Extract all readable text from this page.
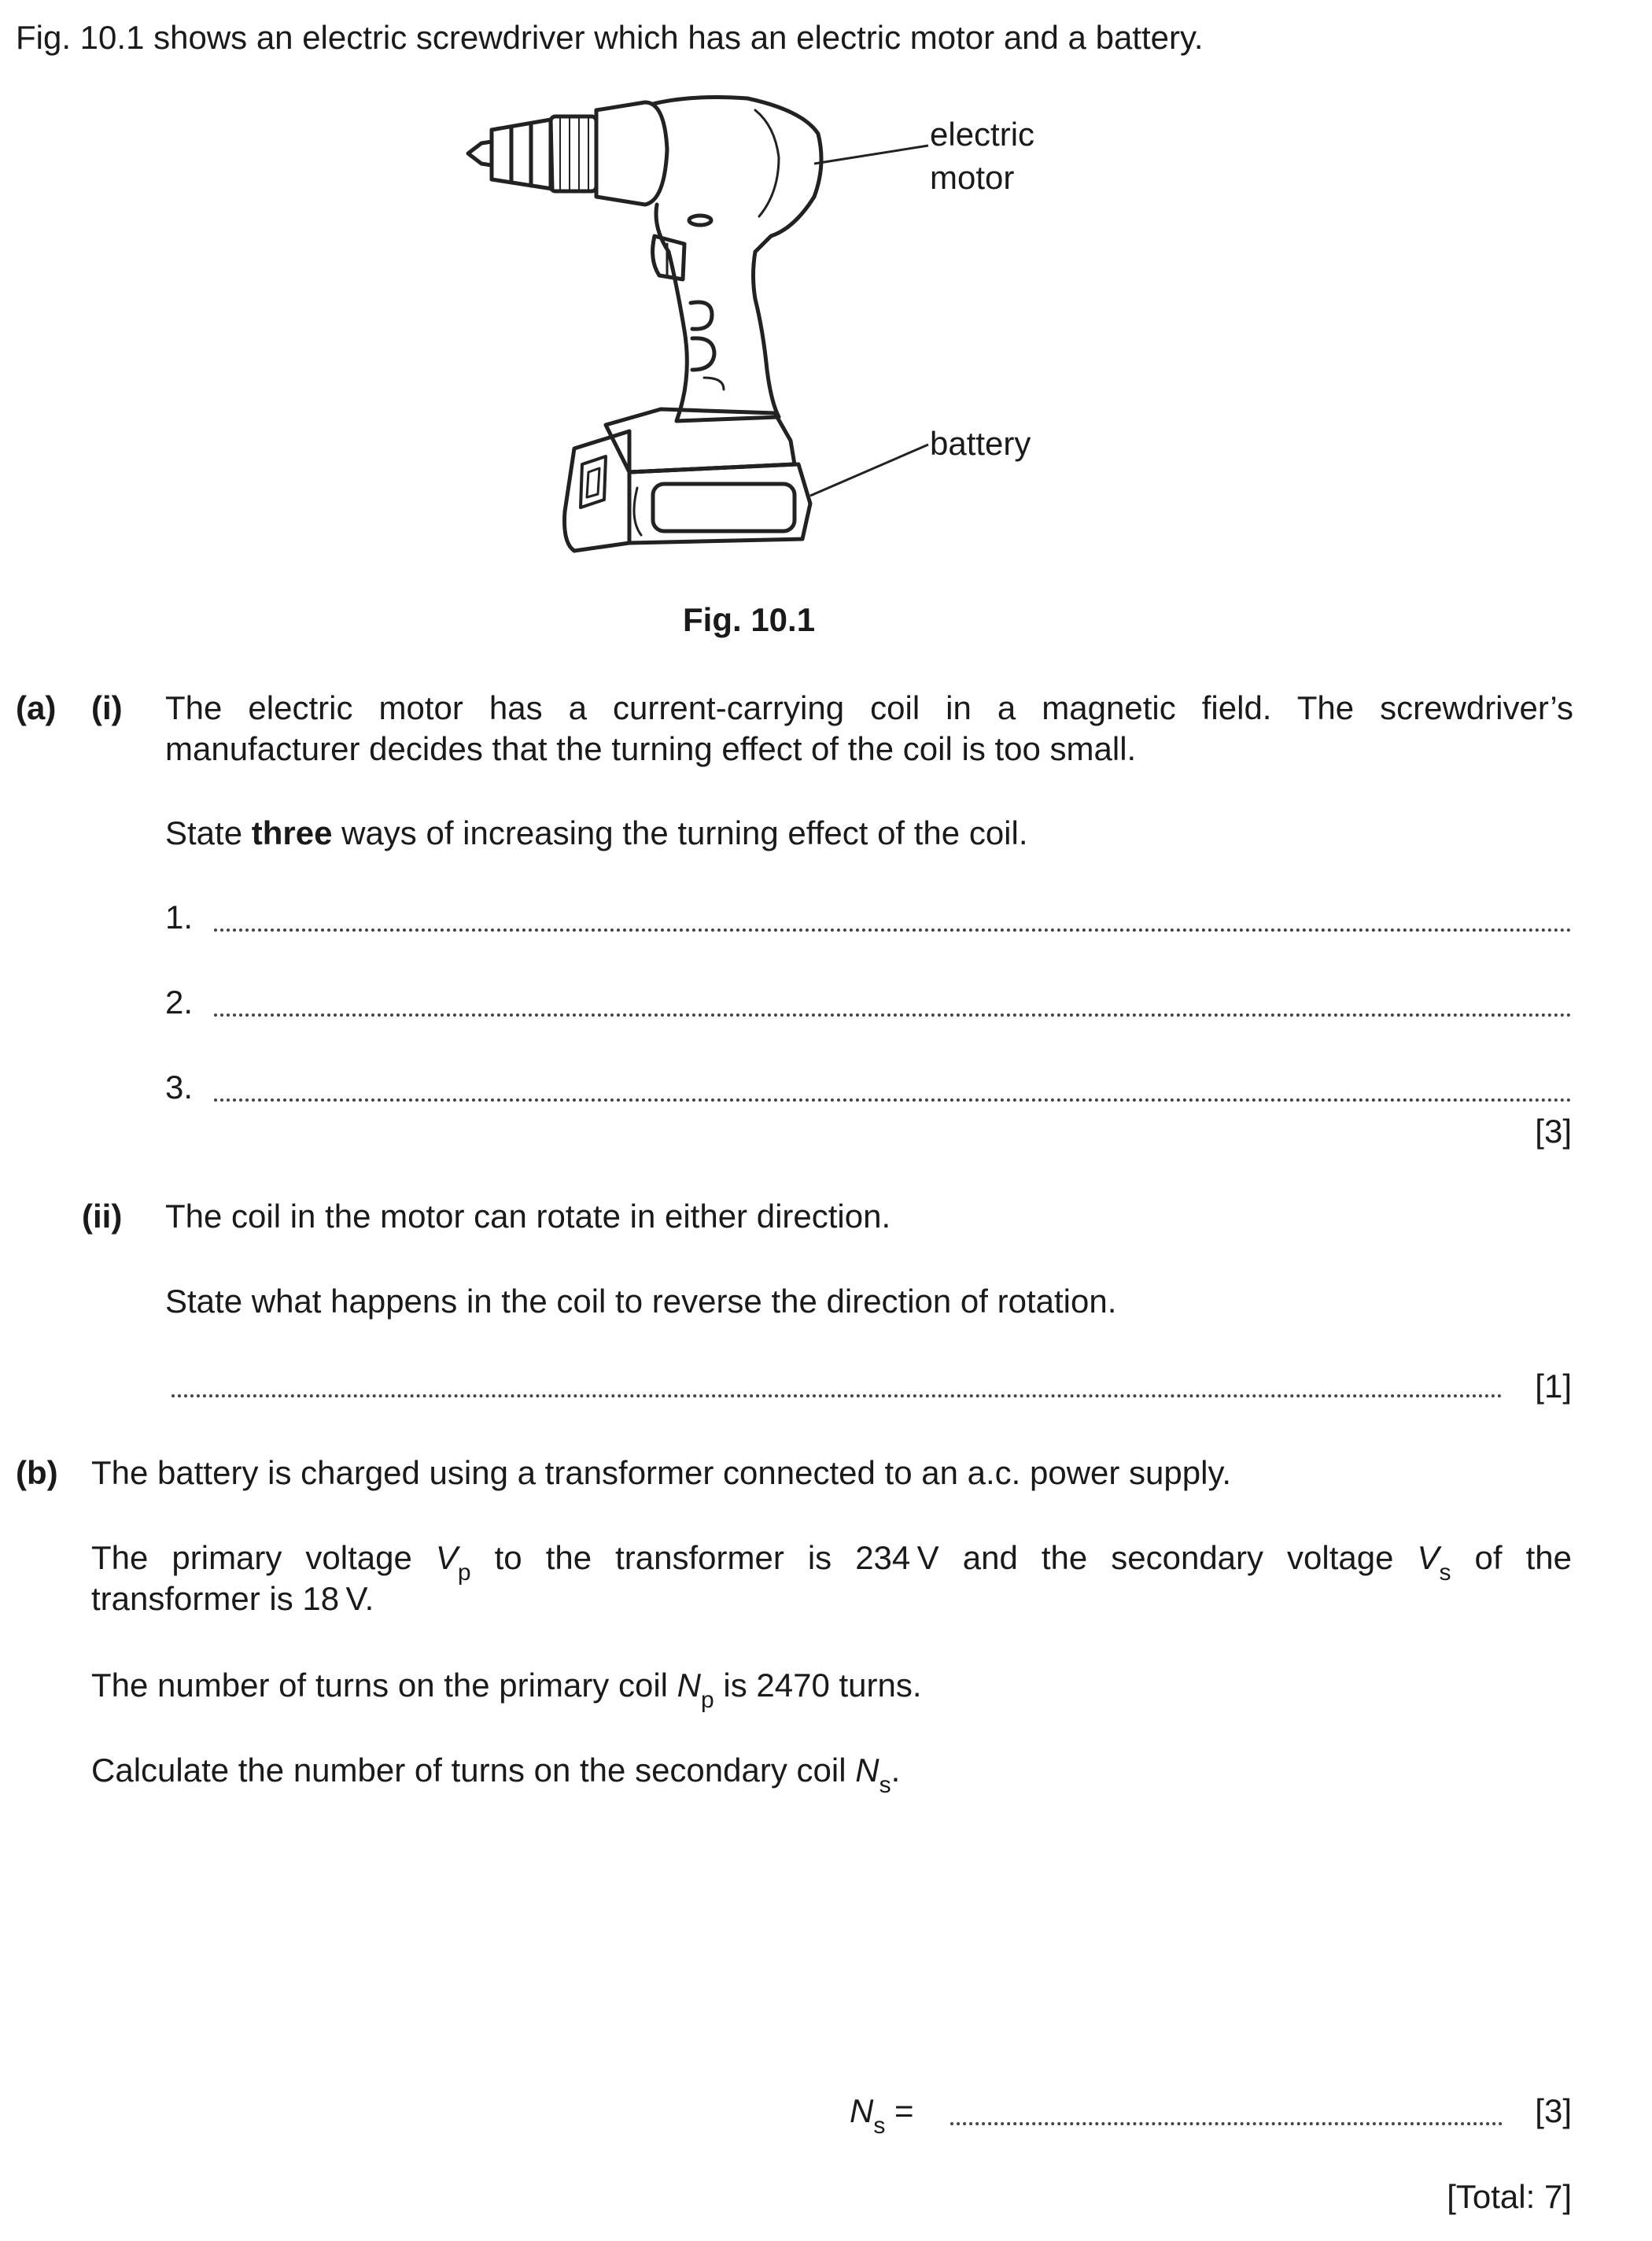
Fig. 10.1 shows an electric screwdriver which has an electric motor and a battery.
electric
motor
battery
Fig. 10.1
(a) (i) The electric motor has a current-carrying coil in a magnetic field. The screwdriver’s
manufacturer decides that the turning effect of the coil is too small.
State three ways of increasing the turning effect of the coil.
1.
2.
3.
[3]
(ii) The coil in the motor can rotate in either direction.
State what happens in the coil to reverse the direction of rotation.
[1]
(b) The battery is charged using a transformer connected to an a.c. power supply.
The primary voltage $V_p$ to the transformer is 234 V and the secondary voltage $V_s$ of the
transformer is 18 V.
The number of turns on the primary coil $N_p$ is 2470 turns.
Calculate the number of turns on the secondary coil $N_s$.
$N_s$ =	[3]
[Total: 7]
